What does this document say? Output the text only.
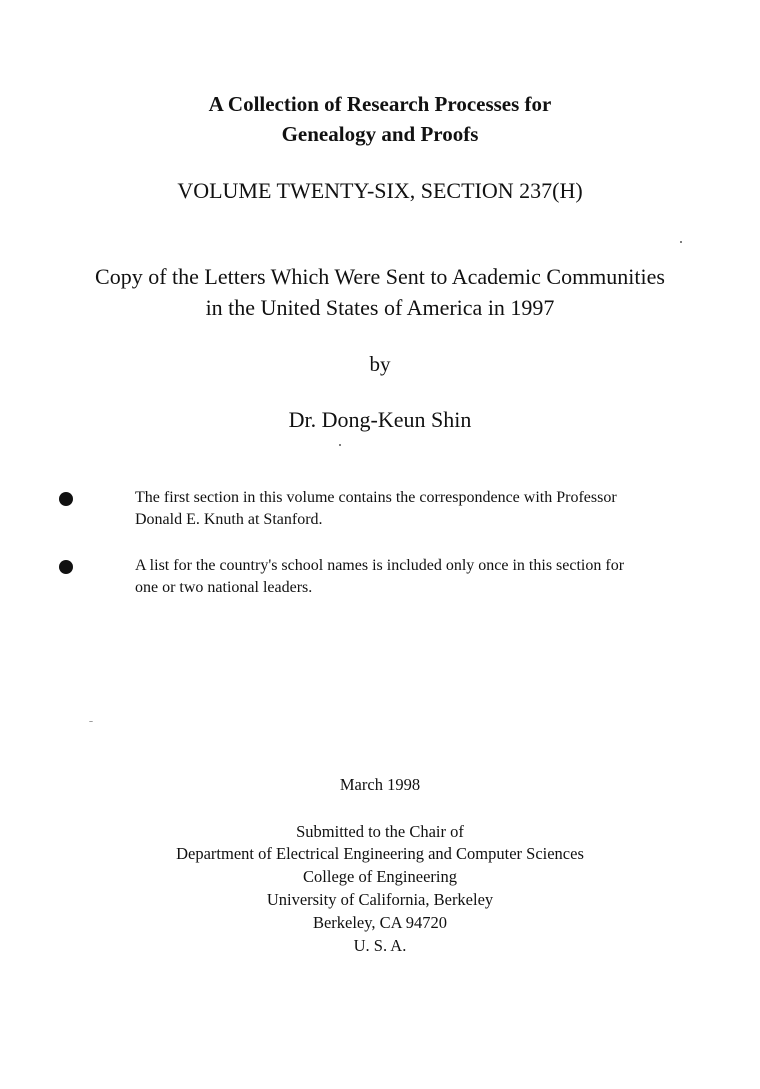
A Collection of Research Processes for
Genealogy and Proofs
VOLUME TWENTY-SIX, SECTION 237(H)
Copy of the Letters Which Were Sent to Academic Communities
in the United States of America in 1997
by
Dr. Dong-Keun Shin
The first section in this volume contains the correspondence with Professor
Donald E. Knuth at Stanford.
A list for the country's school names is included only once in this section for
one or two national leaders.
March 1998
Submitted to the Chair of
Department of Electrical Engineering and Computer Sciences
College of Engineering
University of California, Berkeley
Berkeley, CA 94720
U. S. A.
